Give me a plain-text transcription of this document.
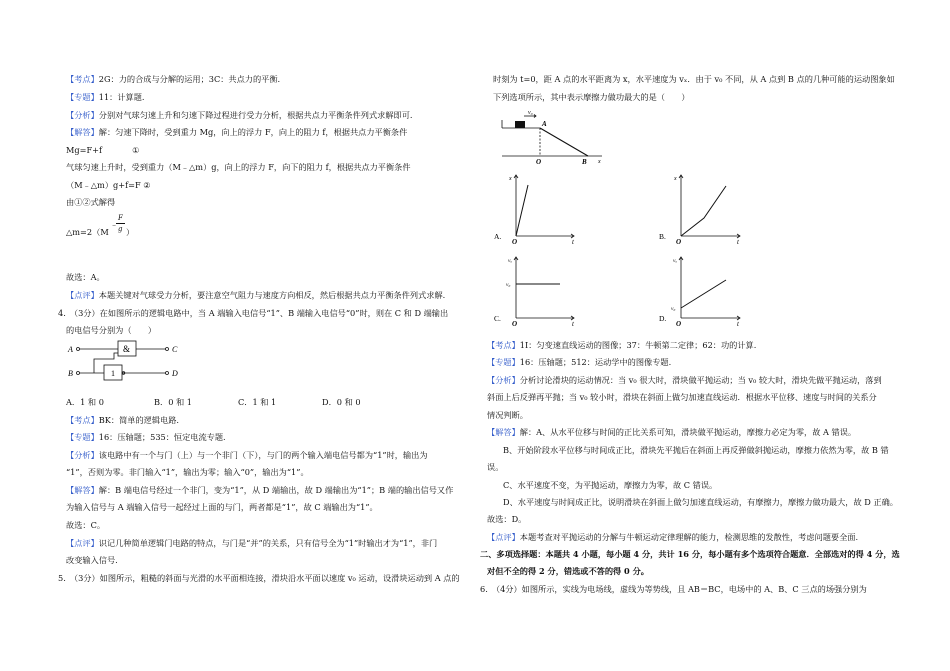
【考点】2G：力的合成与分解的运用；3C：共点力的平衡.
【专题】11：计算题.
【分析】分别对气球匀速上升和匀速下降过程进行受力分析，根据共点力平衡条件列式求解即可.
【解答】解：匀速下降时，受到重力 Mg，向上的浮力 F，向上的阻力 f，根据共点力平衡条件
Mg=F+f	①
气球匀速上升时，受到重力（M﹣△m）g，向上的浮力 F，向下的阻力 f，根据共点力平衡条件
（M﹣△m）g+f=F ②
由①②式解得
△m=2（M
﹣
F
g ）
故选：A。
【点评】本题关键对气球受力分析，要注意空气阻力与速度方向相反，然后根据共点力平衡条件列式求解.
4.　（3分）在如图所示的逻辑电路中，当 A 端输入电信号“1”、B 端输入电信号“0”时，则在 C 和 D 端输出
的电信号分别为（　　）
A
B
C
D
&
1
A．1 和 0	B．0 和 1	C．1 和 1	D．0 和 0
【考点】BK：简单的逻辑电路.
【专题】16：压轴题；535：恒定电流专题.
【分析】该电路中有一个与门（上）与一个非门（下），与门的两个输入端电信号都为“1”时，输出为
“1”，否则为零。非门输入“1”，输出为零；输入“0”，输出为“1”。
【解答】解：B 端电信号经过一个非门，变为“1”，从 D 端输出，故 D 端输出为“1”；B 端的输出信号又作
为输入信号与 A 端输入信号一起经过上面的与门，两者都是“1”，故 C 端输出为“1”。
故选：C。
【点评】识记几种简单逻辑门电路的特点，与门是“并”的关系，只有信号全为“1”时输出才为“1”，非门
改变输入信号.
5.　（3分）如图所示，粗糙的斜面与光滑的水平面相连接，滑块沿水平面以速度 v₀ 运动，设滑块运动到 A 点的
时刻为 t=0，距 A 点的水平距离为 x，水平速度为 vₓ．由于 v₀ 不同，从 A 点到 B 点的几种可能的运动图象如
下列选项所示，其中表示摩擦力做功最大的是（　　）
v₀
A
O	B x
A.
x
O	t
B.
x
O	t
C.
vₓ
v₀
O	t
D.
vₓ
v₀
O	t
【考点】1I：匀变速直线运动的图像；37：牛顿第二定律；62：功的计算.
【专题】16：压轴题；512：运动学中的图像专题.
【分析】分析讨论滑块的运动情况：当 v₀ 很大时，滑块做平抛运动；当 v₀ 较大时，滑块先做平抛运动，落到
斜面上后反弹再平抛；当 v₀ 较小时，滑块在斜面上做匀加速直线运动．根据水平位移、速度与时间的关系分
情况判断。
【解答】解：A、从水平位移与时间的正比关系可知，滑块做平抛运动，摩擦力必定为零，故 A 错误。
B、开始阶段水平位移与时间成正比，滑块先平抛后在斜面上再反弹做斜抛运动，摩擦力依然为零，故 B 错
误。
C、水平速度不变，为平抛运动，摩擦力为零，故 C 错误。
D、水平速度与时间成正比，说明滑块在斜面上做匀加速直线运动，有摩擦力，摩擦力做功最大，故 D 正确。
故选：D。
【点评】本题考查对平抛运动的分解与牛顿运动定律理解的能力，检测思维的发散性，考虑问题要全面.
二、多项选择题：本题共 4 小题，每小题 4 分，共计 16 分，每小题有多个选项符合题意．全部选对的得 4 分，选
对但不全的得 2 分，错选或不答的得 0 分。
6.　（4分）如图所示，实线为电场线，虚线为等势线，且 AB＝BC，电场中的 A、B、C 三点的场强分别为
